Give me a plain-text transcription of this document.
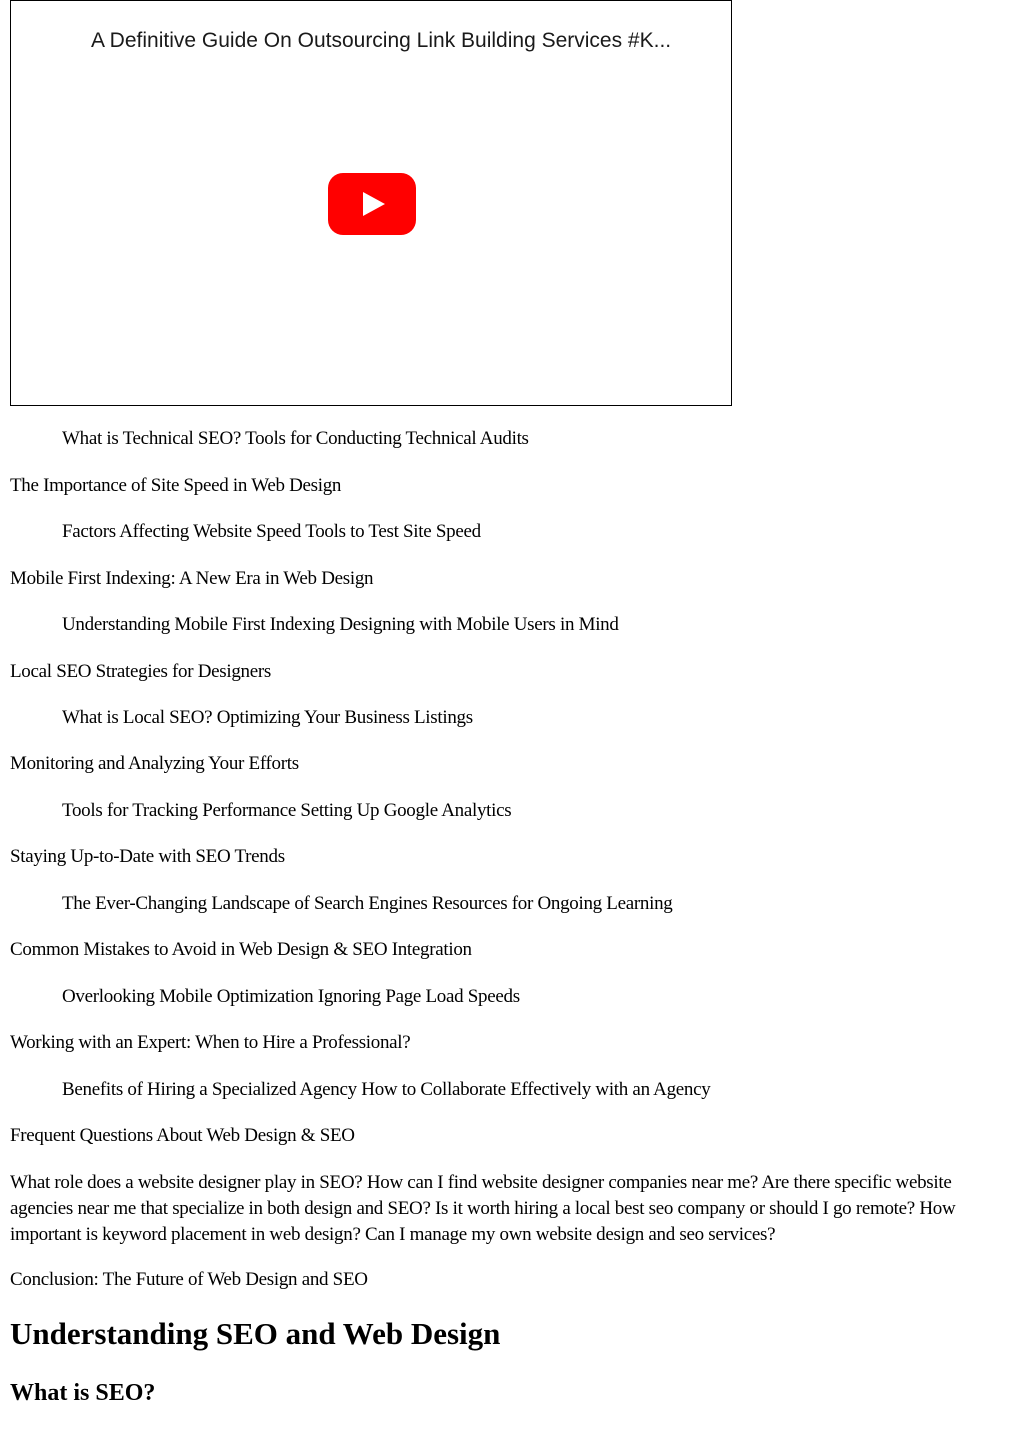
A Definitive Guide On Outsourcing Link Building Services #K...
What is Technical SEO? Tools for Conducting Technical Audits
The Importance of Site Speed in Web Design
Factors Affecting Website Speed Tools to Test Site Speed
Mobile First Indexing: A New Era in Web Design
Understanding Mobile First Indexing Designing with Mobile Users in Mind
Local SEO Strategies for Designers
What is Local SEO? Optimizing Your Business Listings
Monitoring and Analyzing Your Efforts
Tools for Tracking Performance Setting Up Google Analytics
Staying Up-to-Date with SEO Trends
The Ever-Changing Landscape of Search Engines Resources for Ongoing Learning
Common Mistakes to Avoid in Web Design & SEO Integration
Overlooking Mobile Optimization Ignoring Page Load Speeds
Working with an Expert: When to Hire a Professional?
Benefits of Hiring a Specialized Agency How to Collaborate Effectively with an Agency
Frequent Questions About Web Design & SEO
What role does a website designer play in SEO? How can I find website designer companies near me? Are there specific website agencies near me that specialize in both design and SEO? Is it worth hiring a local best seo company or should I go remote? How important is keyword placement in web design? Can I manage my own website design and seo services?
Conclusion: The Future of Web Design and SEO
Understanding SEO and Web Design
What is SEO?
